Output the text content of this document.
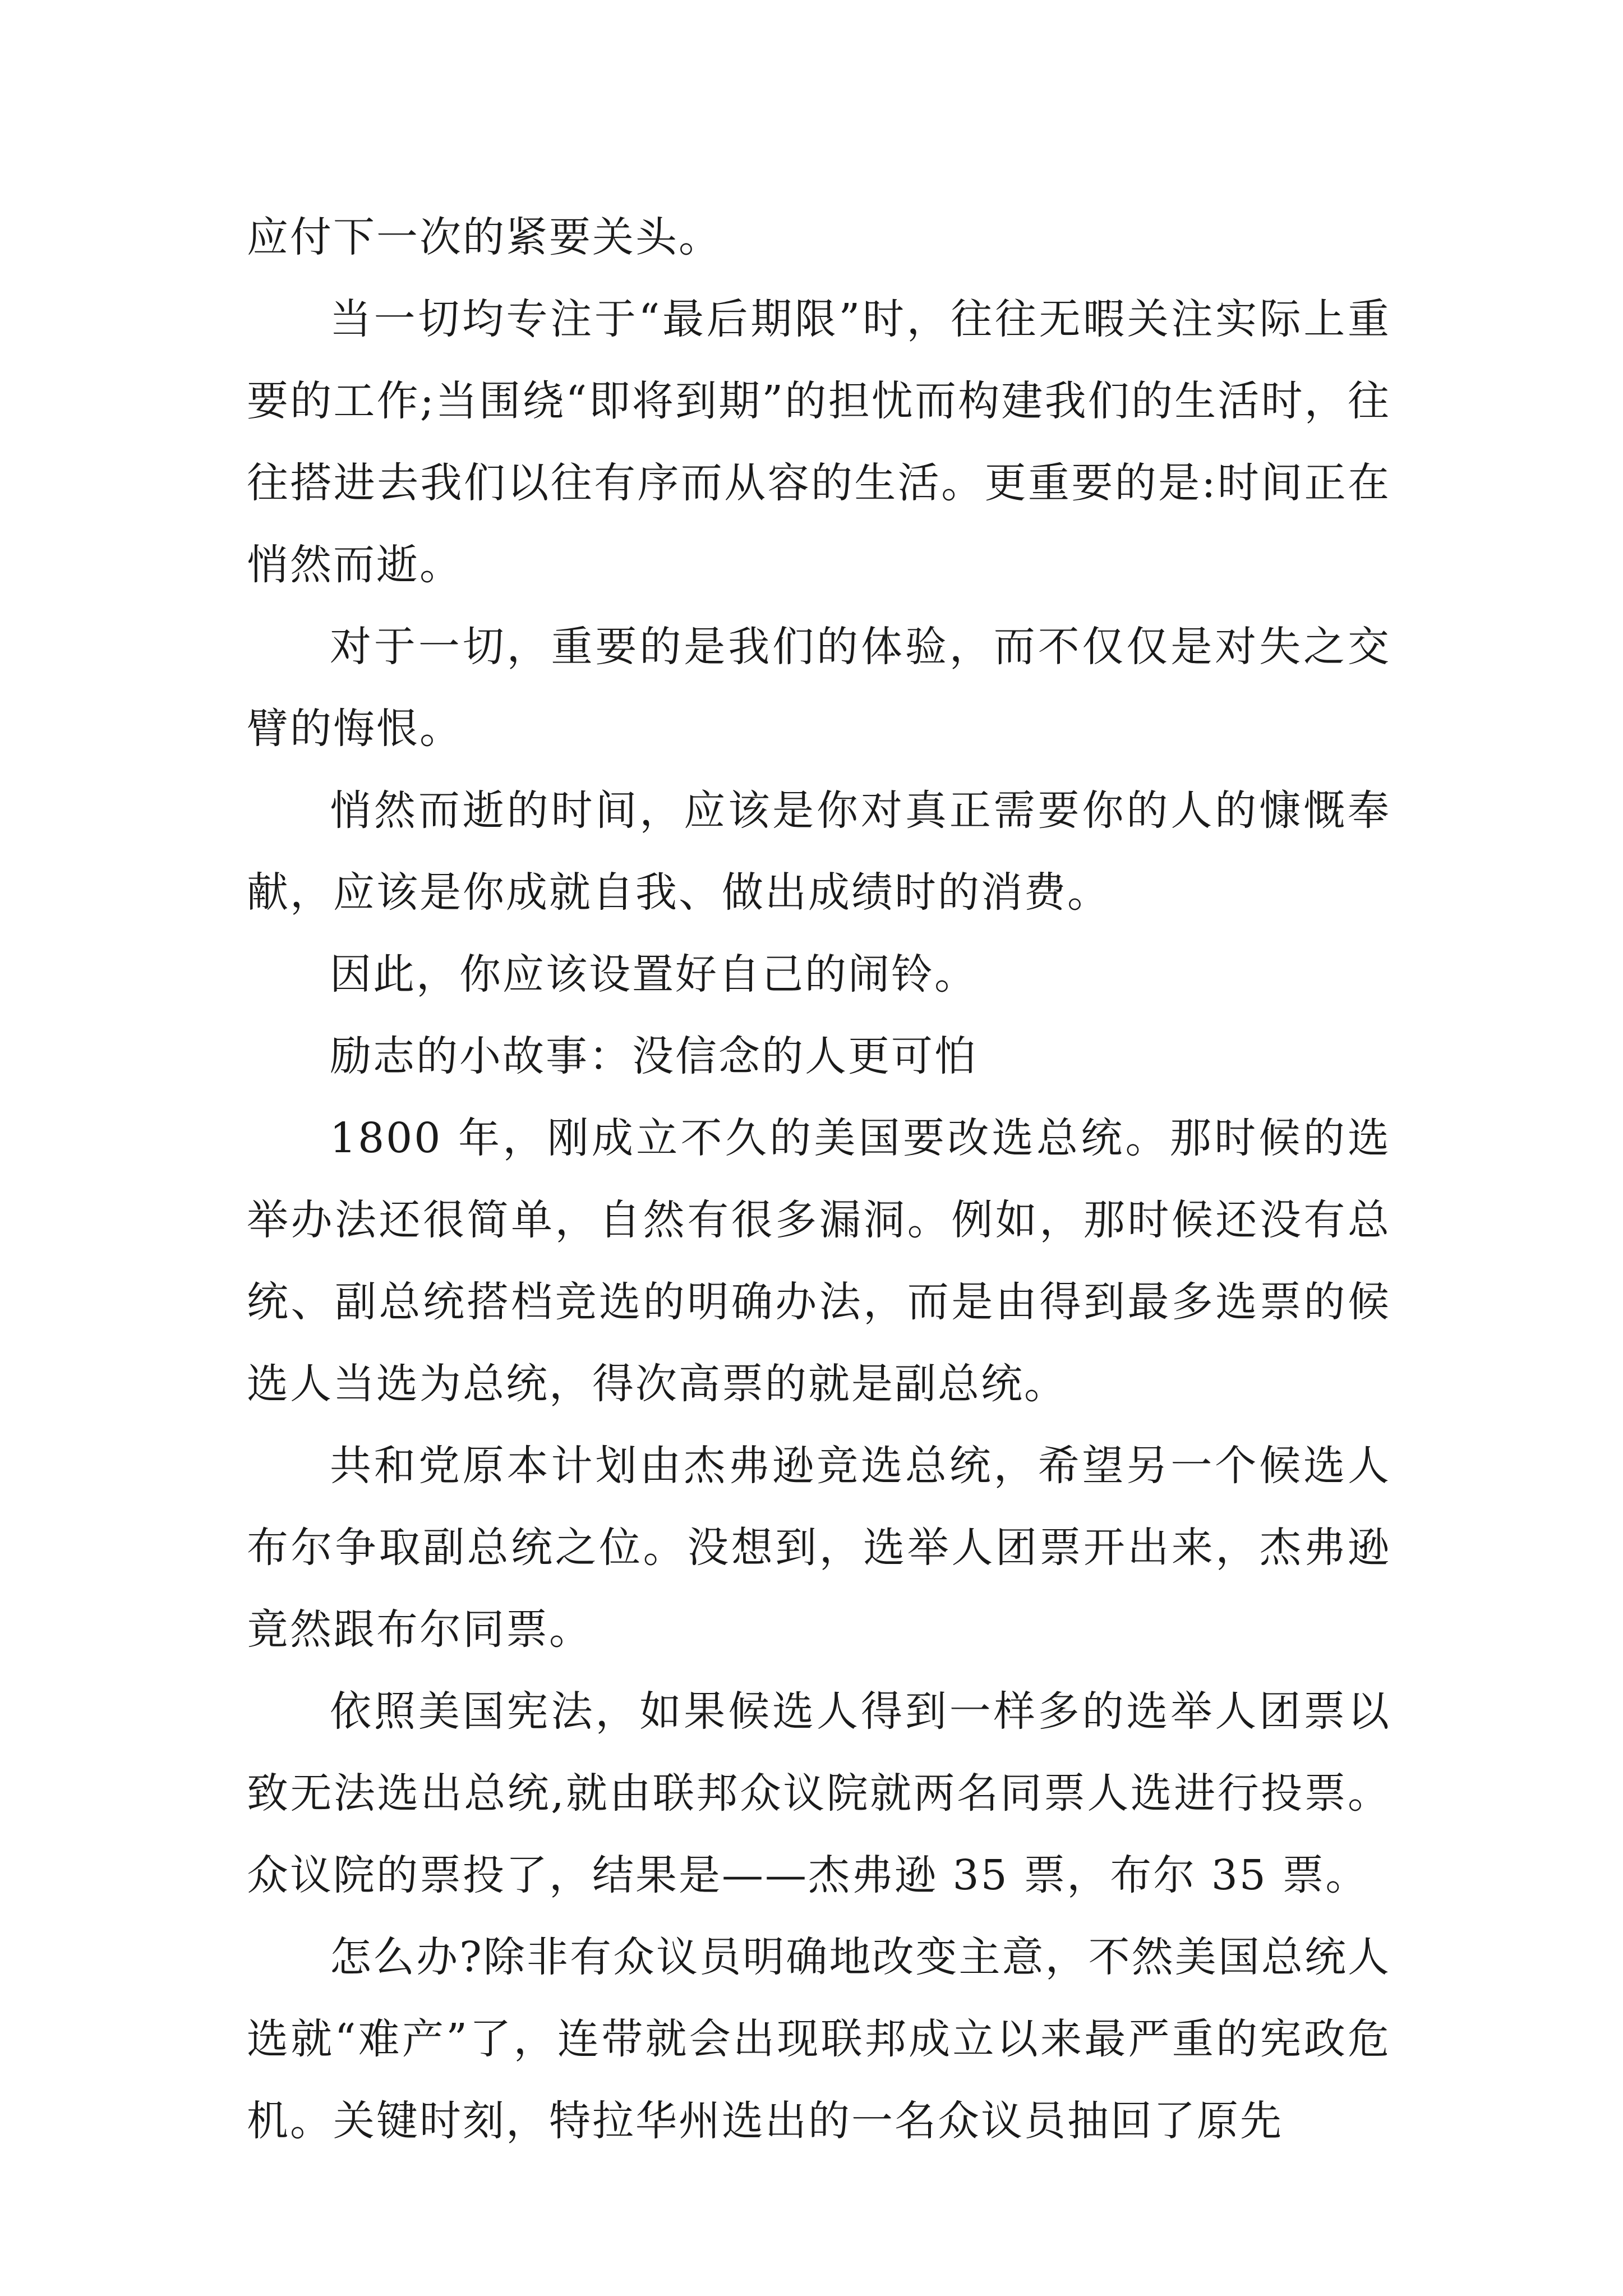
应付下一次的紧要关头。

当一切均专注于“最后期限”时，往往无暇关注实际上重要的工作;当围绕“即将到期”的担忧而构建我们的生活时，往往搭进去我们以往有序而从容的生活。更重要的是:时间正在悄然而逝。

对于一切，重要的是我们的体验，而不仅仅是对失之交臂的悔恨。

悄然而逝的时间，应该是你对真正需要你的人的慷慨奉献，应该是你成就自我、做出成绩时的消费。

因此，你应该设置好自己的闹铃。

励志的小故事：没信念的人更可怕

1800 年，刚成立不久的美国要改选总统。那时候的选举办法还很简单，自然有很多漏洞。例如，那时候还没有总统、副总统搭档竞选的明确办法，而是由得到最多选票的候选人当选为总统，得次高票的就是副总统。

共和党原本计划由杰弗逊竞选总统，希望另一个候选人布尔争取副总统之位。没想到，选举人团票开出来，杰弗逊竟然跟布尔同票。

依照美国宪法，如果候选人得到一样多的选举人团票以致无法选出总统,就由联邦众议院就两名同票人选进行投票。众议院的票投了，结果是——杰弗逊 35 票，布尔 35 票。

怎么办?除非有众议员明确地改变主意，不然美国总统人选就“难产”了，连带就会出现联邦成立以来最严重的宪政危机。关键时刻，特拉华州选出的一名众议员抽回了原先
